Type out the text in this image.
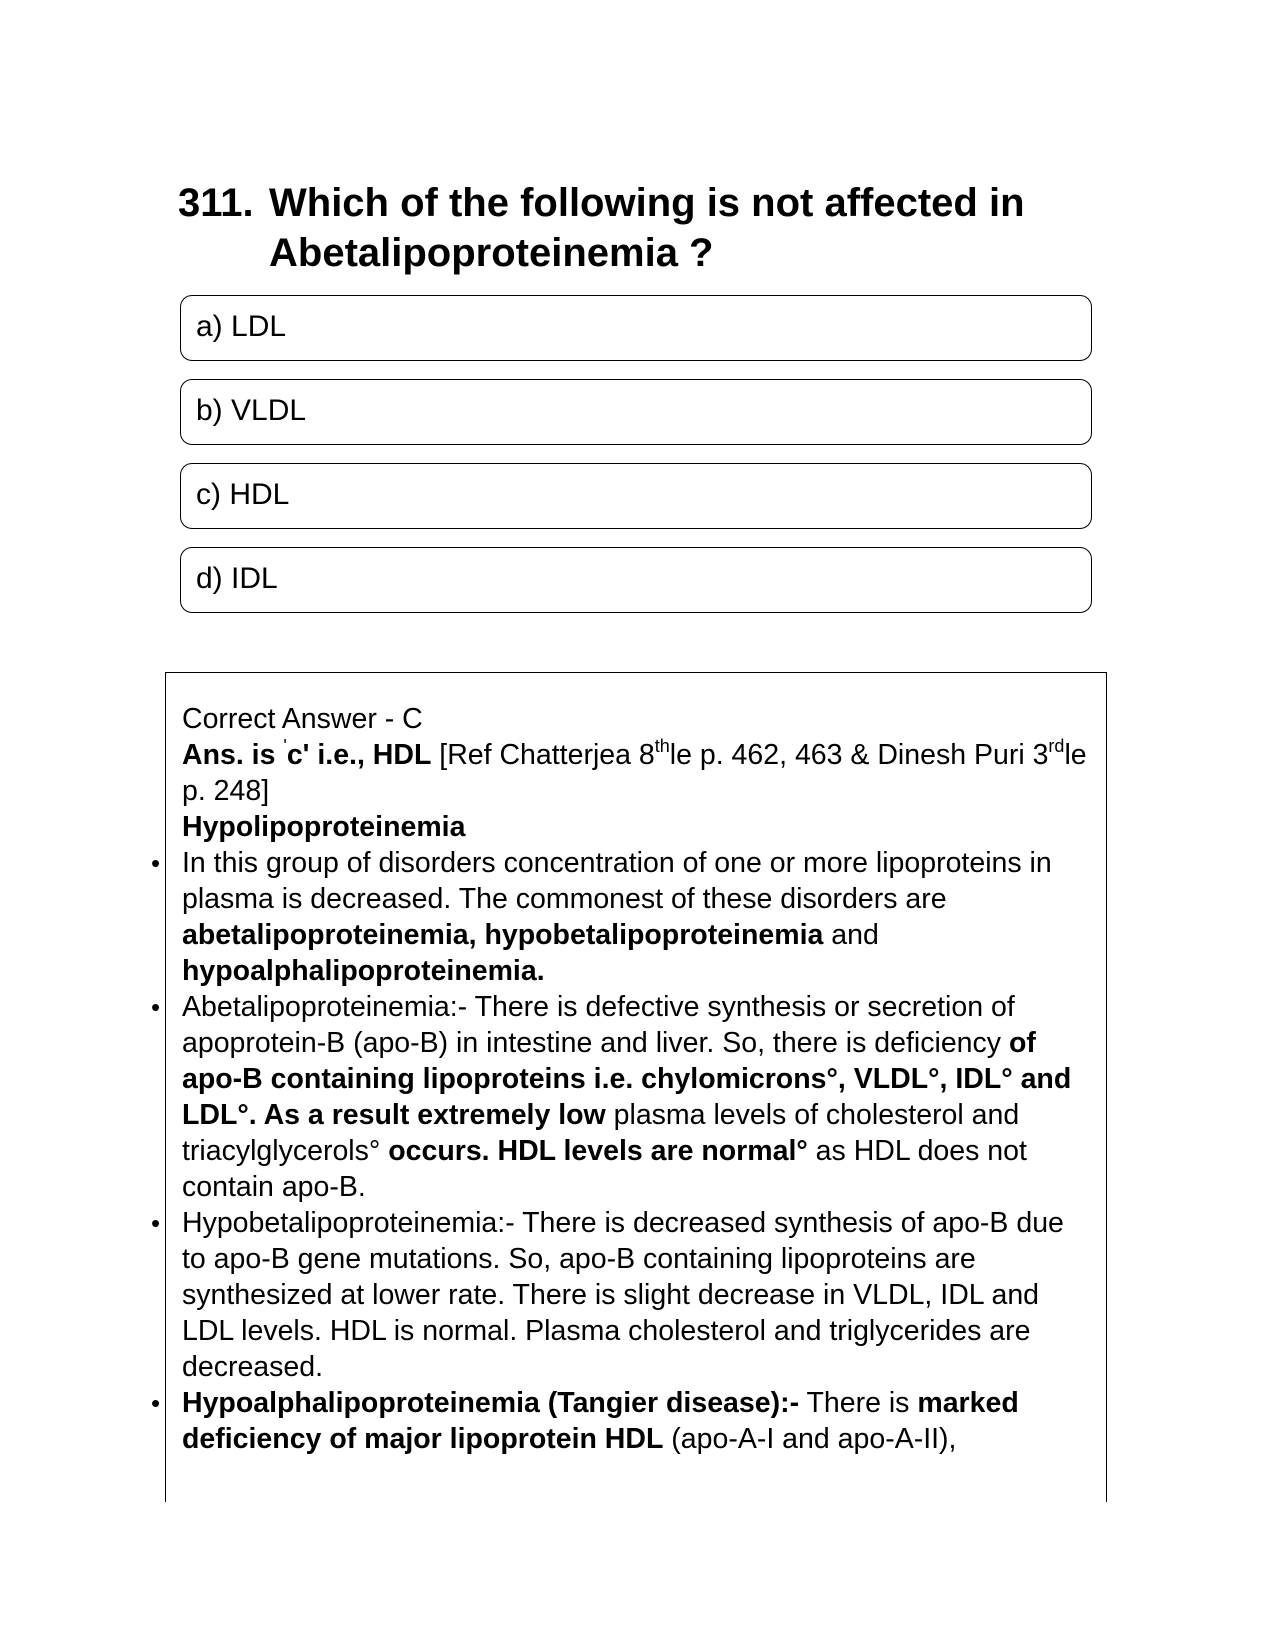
311. Which of the following is not affected in Abetalipoproteinemia ?
a) LDL
b) VLDL
c) HDL
d) IDL

Correct Answer - C

Ans. is 'c' i.e., HDL [Ref Chatterjea 8thle p. 462, 463 & Dinesh Puri 3rdle p. 248]

Hypolipoproteinemia

• In this group of disorders concentration of one or more lipoproteins in plasma is decreased. The commonest of these disorders are abetalipoproteinemia, hypobetalipoproteinemia and hypoalphalipoproteinemia.
• Abetalipoproteinemia:- There is defective synthesis or secretion of apoprotein-B (apo-B) in intestine and liver. So, there is deficiency of apo-B containing lipoproteins i.e. chylomicrons°, VLDL°, IDL° and LDL°. As a result extremely low plasma levels of cholesterol and triacylglycerols° occurs. HDL levels are normal° as HDL does not contain apo-B.
• Hypobetalipoproteinemia:- There is decreased synthesis of apo-B due to apo-B gene mutations. So, apo-B containing lipoproteins are synthesized at lower rate. There is slight decrease in VLDL, IDL and LDL levels. HDL is normal. Plasma cholesterol and triglycerides are decreased.
• Hypoalphalipoproteinemia (Tangier disease):- There is marked deficiency of major lipoprotein HDL (apo-A-I and apo-A-II),
